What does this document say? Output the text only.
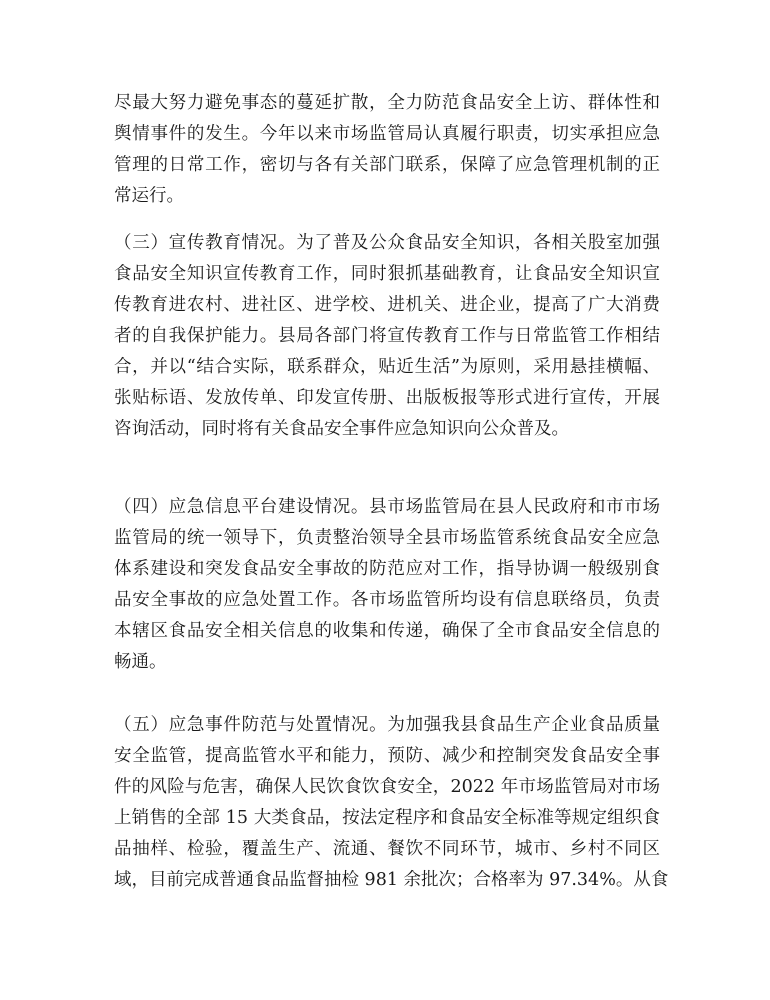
尽最大努力避免事态的蔓延扩散，全力防范食品安全上访、群体性和
舆情事件的发生。今年以来市场监管局认真履行职责，切实承担应急
管理的日常工作，密切与各有关部门联系，保障了应急管理机制的正
常运行。

（三）宣传教育情况。为了普及公众食品安全知识，各相关股室加强
食品安全知识宣传教育工作，同时狠抓基础教育，让食品安全知识宣
传教育进农村、进社区、进学校、进机关、进企业，提高了广大消费
者的自我保护能力。县局各部门将宣传教育工作与日常监管工作相结
合，并以“结合实际，联系群众，贴近生活”为原则，采用悬挂横幅、
张贴标语、发放传单、印发宣传册、出版板报等形式进行宣传，开展
咨询活动，同时将有关食品安全事件应急知识向公众普及。

（四）应急信息平台建设情况。县市场监管局在县人民政府和市市场
监管局的统一领导下，负责整治领导全县市场监管系统食品安全应急
体系建设和突发食品安全事故的防范应对工作，指导协调一般级别食
品安全事故的应急处置工作。各市场监管所均设有信息联络员，负责
本辖区食品安全相关信息的收集和传递，确保了全市食品安全信息的
畅通。

（五）应急事件防范与处置情况。为加强我县食品生产企业食品质量
安全监管，提高监管水平和能力，预防、减少和控制突发食品安全事
件的风险与危害，确保人民饮食饮食安全，2022 年市场监管局对市场
上销售的全部 15 大类食品，按法定程序和食品安全标准等规定组织食
品抽样、检验，覆盖生产、流通、餐饮不同环节，城市、乡村不同区
域，目前完成普通食品监督抽检 981 余批次；合格率为 97.34%。从食
